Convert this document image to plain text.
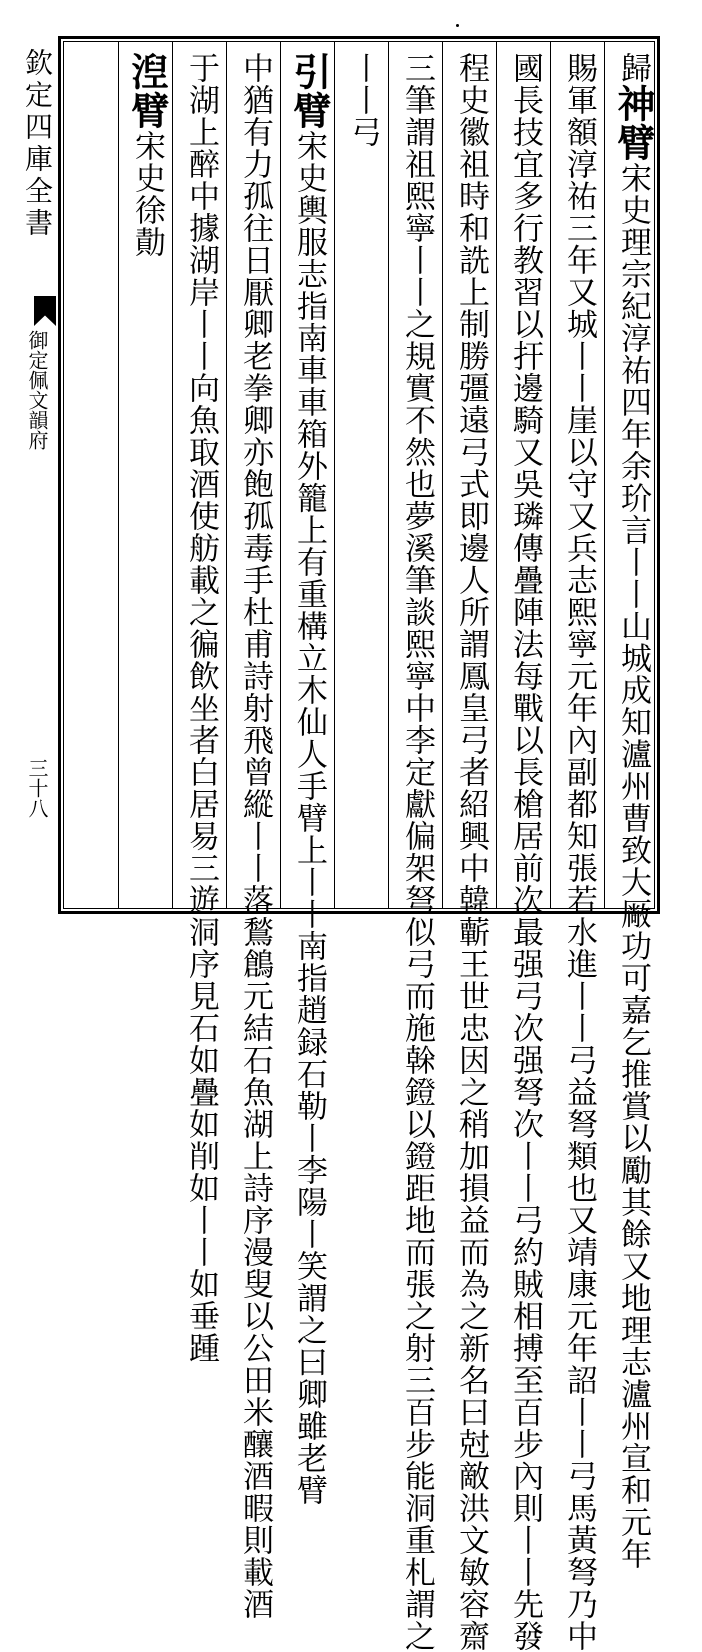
欽定四庫全書
御定佩文韻府
三十八
歸神臂宋史理宗紀淳祐四年余玠言丨丨山城成知瀘州曹致大厰功可嘉乞推賞以勵其餘又地理志瀘州宣和元年
賜軍額淳祐三年又城丨丨崖以守又兵志熙寧元年內副都知張若水進丨丨弓益弩類也又靖康元年詔丨丨弓馬黃弩乃中
國長技宜多行教習以扞邊騎又吳璘傳疊陣法每戰以長槍居前次最强弓次强弩次丨丨弓約賊相搏至百步內則丨丨先發
程史徽祖時和詵上制勝彊遠弓式即邊人所謂鳳皇弓者紹興中韓蘄王世忠因之稍加損益而為之新名曰尅敵洪文敏容齋
三筆謂祖熙寧丨丨之規實不然也夢溪筆談熙寧中李定獻偏架弩似弓而施榦鐙以鐙距地而張之射三百步能洞重札謂之
丨丨弓
引臂宋史輿服志指南車車箱外籠上有重構立木仙人手臂上丨丨南指趙録石勒丨李陽丨笑謂之曰卿雖老臂
中猶有力孤往日厭卿老拳卿亦飽孤毒手杜甫詩射飛曾縱丨丨落鶖鶬元結石魚湖上詩序漫叟以公田米釀酒暇則載酒
于湖上醉中據湖岸丨丨向魚取酒使舫載之徧飲坐者白居易三遊洞序見石如疊如削如丨丨如垂踵
湼臂宋史徐勣
